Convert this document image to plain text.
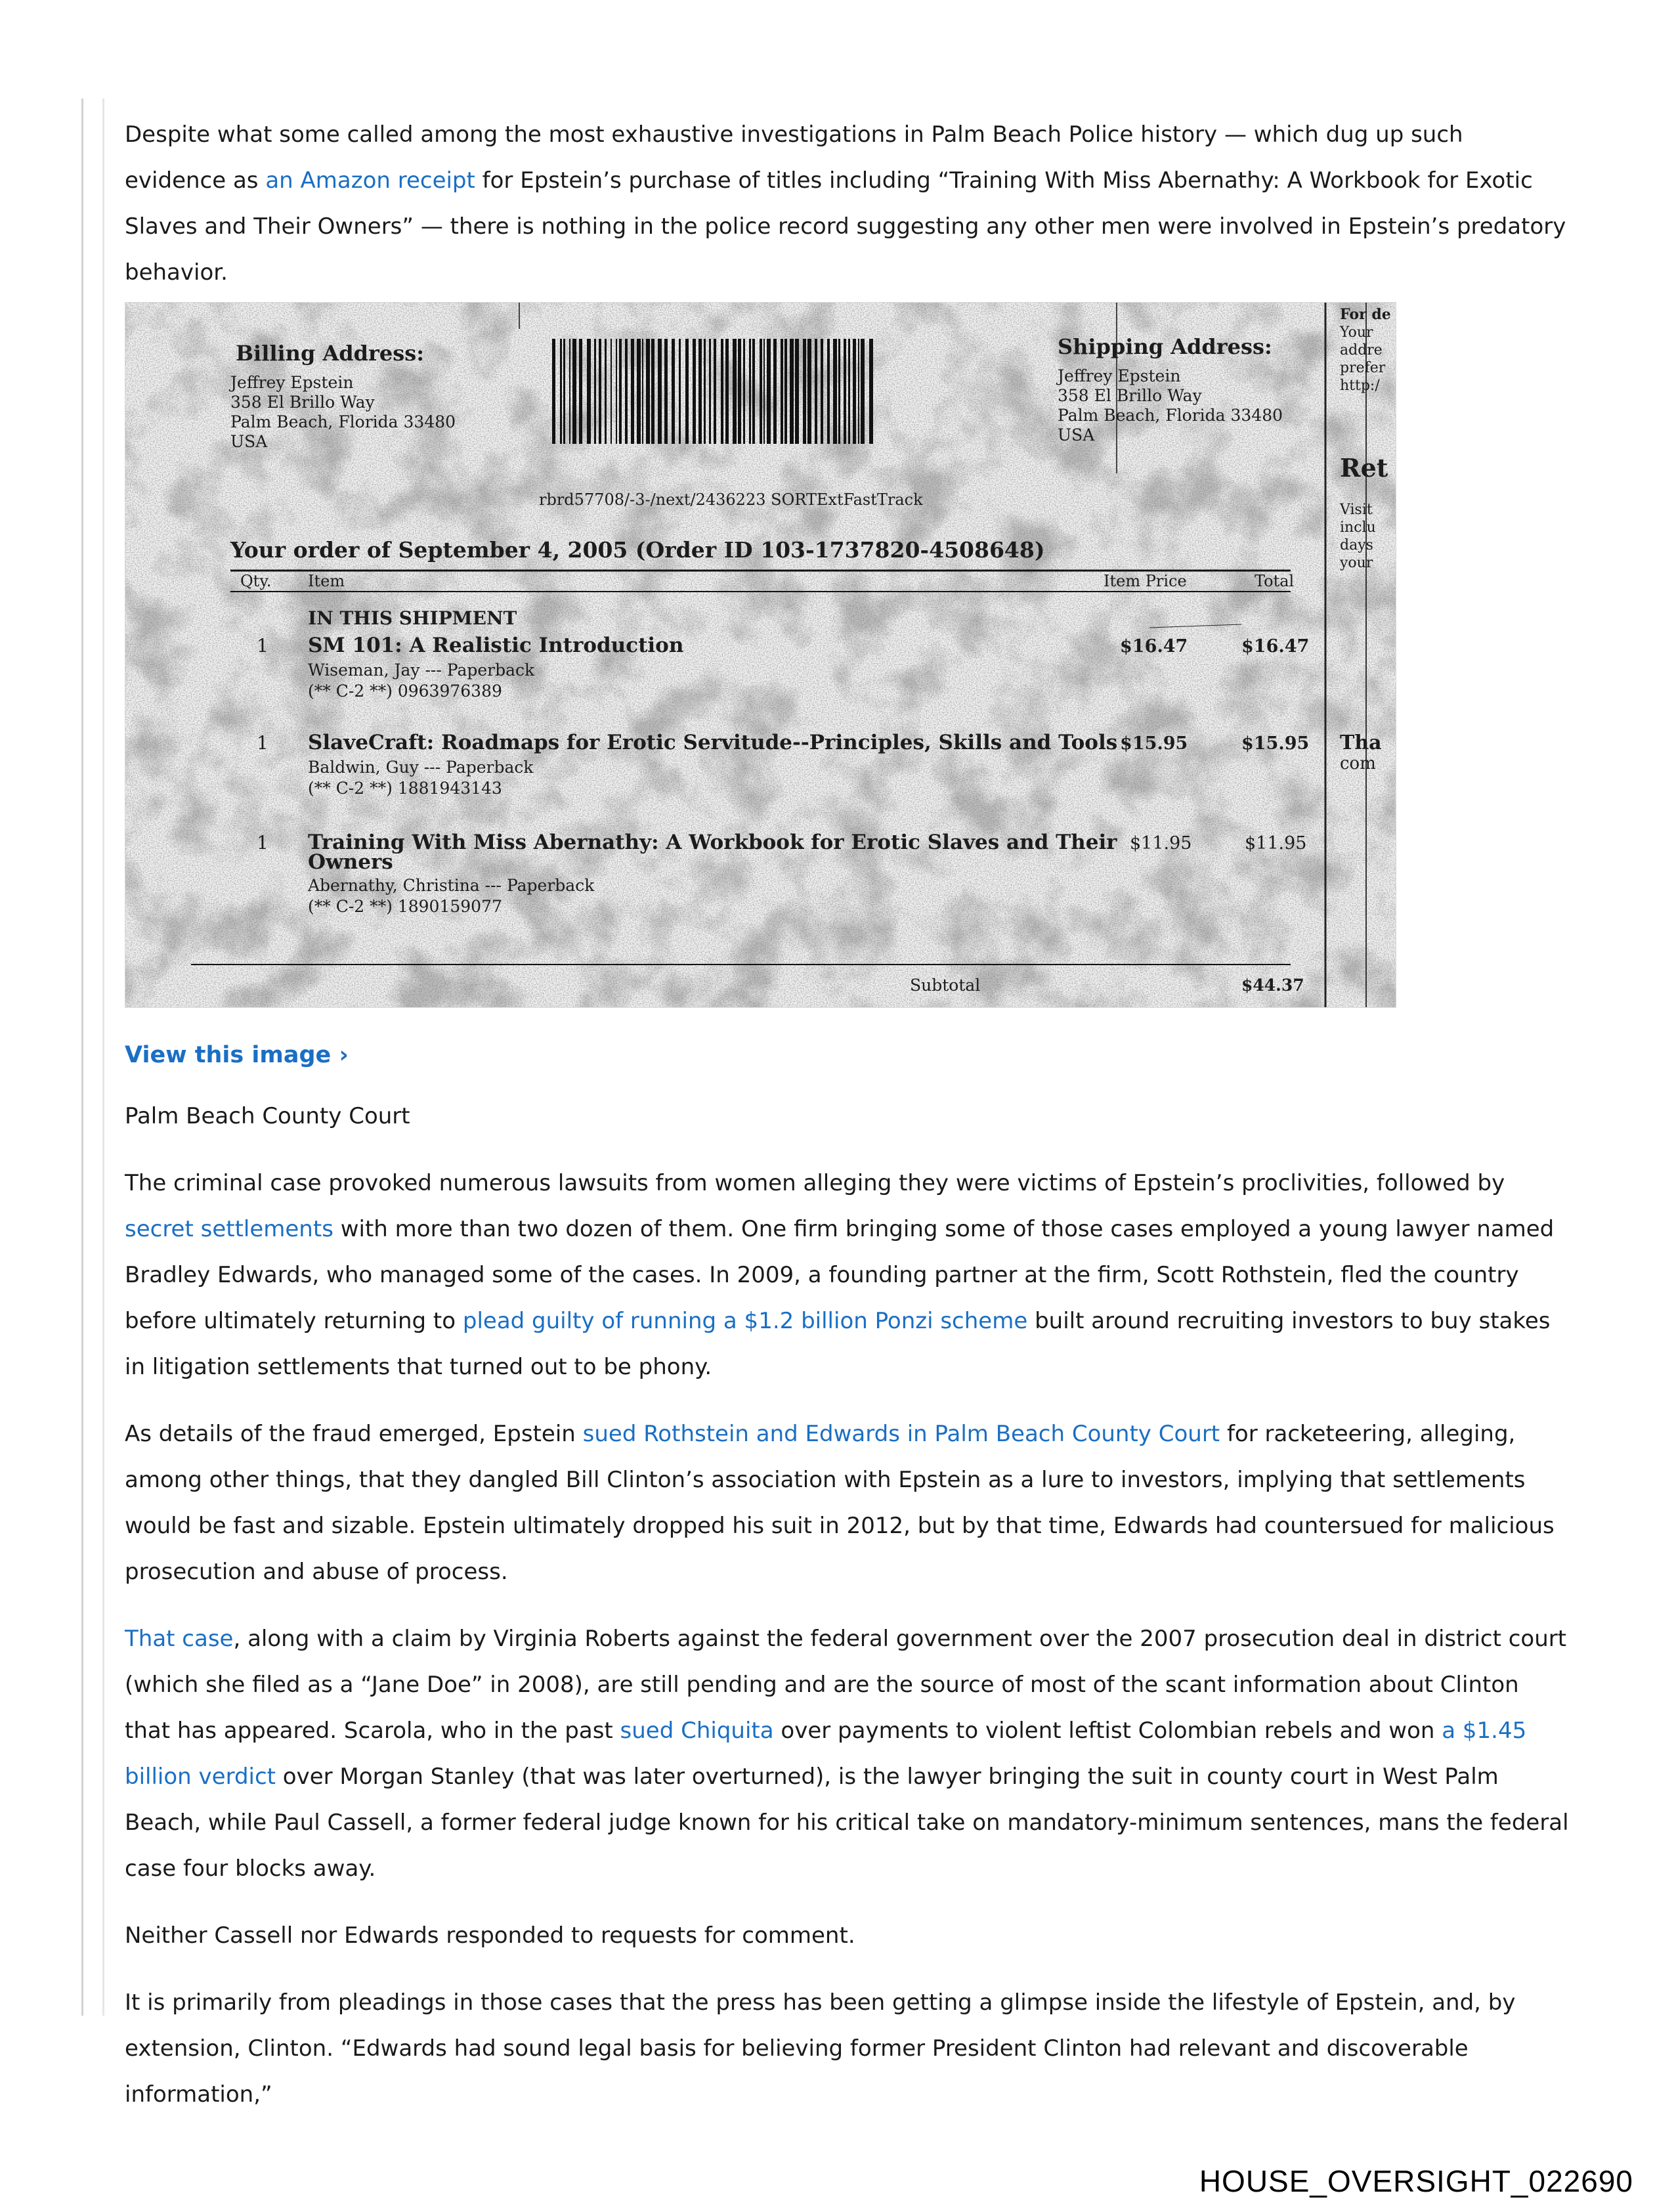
Despite what some called among the most exhaustive investigations in Palm Beach Police history — which dug up such evidence as an Amazon receipt for Epstein’s purchase of titles including “Training With Miss Abernathy: A Workbook for Exotic Slaves and Their Owners” — there is nothing in the police record suggesting any other men were involved in Epstein’s predatory behavior.

Billing Address:
Jeffrey Epstein
358 El Brillo Way
Palm Beach, Florida 33480
USA
Shipping Address:
Jeffrey Epstein
358 El Brillo Way
Palm Beach, Florida 33480
USA
For de
Your
addre
prefer
http:/
Ret
Visit
inclu
days
your
Tha
com
rbrd57708/-3-/next/2436223 SORTExtFastTrack
Your order of September 4, 2005 (Order ID 103-1737820-4508648)
Qty. Item	Item Price	Total
IN THIS SHIPMENT
1 SM 101: A Realistic Introduction
Wiseman, Jay --- Paperback
(** C-2 **) 0963976389
$16.47	$16.47
1 SlaveCraft: Roadmaps for Erotic Servitude--Principles, Skills and Tools
Baldwin, Guy --- Paperback
(** C-2 **) 1881943143
$15.95	$15.95
1 Training With Miss Abernathy: A Workbook for Erotic Slaves and Their
Owners
Abernathy, Christina --- Paperback
(** C-2 **) 1890159077
$11.95	$11.95
Subtotal	$44.37
View this image ›

Palm Beach County Court

The criminal case provoked numerous lawsuits from women alleging they were victims of Epstein’s proclivities, followed by secret settlements with more than two dozen of them. One firm bringing some of those cases employed a young lawyer named Bradley Edwards, who managed some of the cases. In 2009, a founding partner at the firm, Scott Rothstein, fled the country before ultimately returning to plead guilty of running a $1.2 billion Ponzi scheme built around recruiting investors to buy stakes in litigation settlements that turned out to be phony.

As details of the fraud emerged, Epstein sued Rothstein and Edwards in Palm Beach County Court for racketeering, alleging, among other things, that they dangled Bill Clinton’s association with Epstein as a lure to investors, implying that settlements would be fast and sizable. Epstein ultimately dropped his suit in 2012, but by that time, Edwards had countersued for malicious prosecution and abuse of process.

That case, along with a claim by Virginia Roberts against the federal government over the 2007 prosecution deal in district court (which she filed as a “Jane Doe” in 2008), are still pending and are the source of most of the scant information about Clinton that has appeared. Scarola, who in the past sued Chiquita over payments to violent leftist Colombian rebels and won a $1.45 billion verdict over Morgan Stanley (that was later overturned), is the lawyer bringing the suit in county court in West Palm Beach, while Paul Cassell, a former federal judge known for his critical take on mandatory-minimum sentences, mans the federal case four blocks away.

Neither Cassell nor Edwards responded to requests for comment.

It is primarily from pleadings in those cases that the press has been getting a glimpse inside the lifestyle of Epstein, and, by extension, Clinton. “Edwards had sound legal basis for believing former President Clinton had relevant and discoverable information,”

HOUSE_OVERSIGHT_022690
